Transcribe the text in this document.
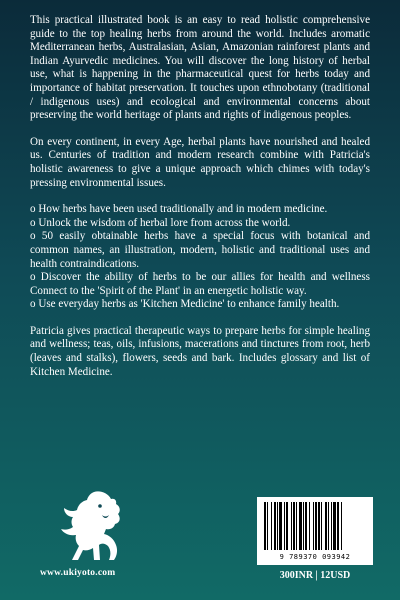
This practical illustrated book is an easy to read holistic comprehensive guide to the top healing herbs from around the world. Includes aromatic Mediterranean herbs, Australasian, Asian, Amazonian rainforest plants and Indian Ayurvedic medicines. You will discover the long history of herbal use, what is happening in the pharmaceutical quest for herbs today and importance of habitat preservation. It touches upon ethnobotany (traditional / indigenous uses) and ecological and environmental concerns about preserving the world heritage of plants and rights of indigenous peoples.

On every continent, in every Age, herbal plants have nourished and healed us. Centuries of tradition and modern research combine with Patricia's holistic awareness to give a unique approach which chimes with today's pressing environmental issues.

o How herbs have been used traditionally and in modern medicine.

o Unlock the wisdom of herbal lore from across the world.

o 50 easily obtainable herbs have a special focus with botanical and common names, an illustration, modern, holistic and traditional uses and health contraindications.

o Discover the ability of herbs to be our allies for health and wellness Connect to the 'Spirit of the Plant' in an energetic holistic way.

o Use everyday herbs as 'Kitchen Medicine' to enhance family health.

Patricia gives practical therapeutic ways to prepare herbs for simple healing and wellness; teas, oils, infusions, macerations and tinctures from root, herb (leaves and stalks), flowers, seeds and bark. Includes glossary and list of Kitchen Medicine.

www.ukiyoto.com
9 789370 093942
300INR | 12USD
